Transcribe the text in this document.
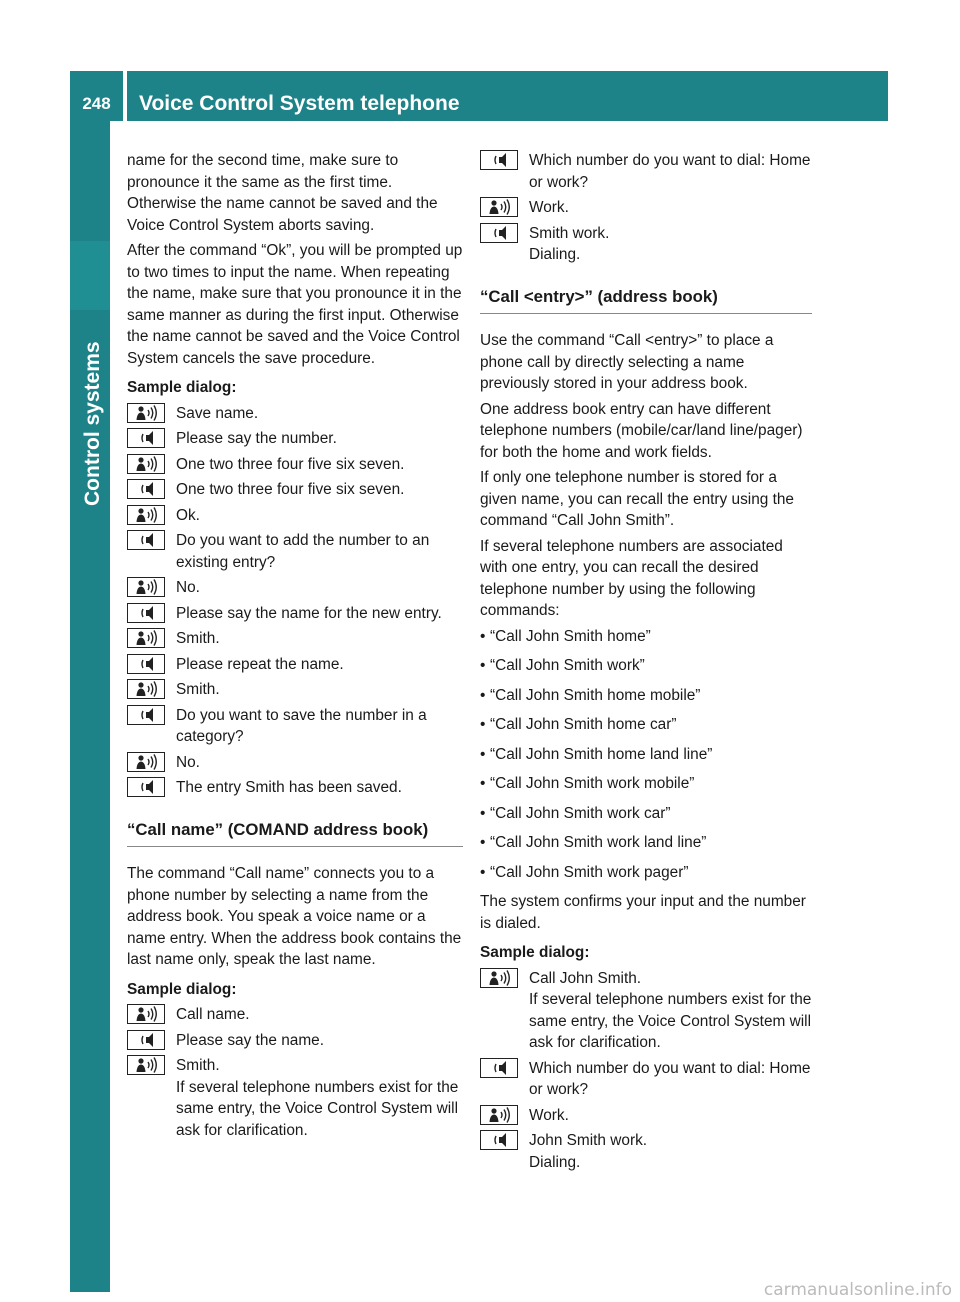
248	Voice Control System telephone
Control systems

name for the second time, make sure to pronounce it the same as the first time. Otherwise the name cannot be saved and the Voice Control System aborts saving.

After the command “Ok”, you will be prompted up to two times to input the name. When repeating the name, make sure that you pronounce it in the same manner as during the first input. Otherwise the name cannot be saved and the Voice Control System cancels the save procedure.

Sample dialog:
Save name.
Please say the number.
One two three four five six seven.
One two three four five six seven.
Ok.
Do you want to add the number to an existing entry?
No.
Please say the name for the new entry.
Smith.
Please repeat the name.
Smith.
Do you want to save the number in a category?
No.
The entry Smith has been saved.
“Call name” (COMAND address book)

The command “Call name” connects you to a phone number by selecting a name from the address book. You speak a voice name or a name entry. When the address book contains the last name only, speak the last name.

Sample dialog:
Call name.
Please say the name.
Smith.
If several telephone numbers exist for the same entry, the Voice Control System will ask for clarification.
Which number do you want to dial: Home or work?
Work.
Smith work.
Dialing.
“Call <entry>” (address book)

Use the command “Call <entry>” to place a phone call by directly selecting a name previously stored in your address book.

One address book entry can have different telephone numbers (mobile/car/land line/pager) for both the home and work fields.

If only one telephone number is stored for a given name, you can recall the entry using the command “Call John Smith”.

If several telephone numbers are associated with one entry, you can recall the desired telephone number by using the following commands:

• “Call John Smith home”
• “Call John Smith work”
• “Call John Smith home mobile”
• “Call John Smith home car”
• “Call John Smith home land line”
• “Call John Smith work mobile”
• “Call John Smith work car”
• “Call John Smith work land line”
• “Call John Smith work pager”

The system confirms your input and the number is dialed.

Sample dialog:
Call John Smith.
If several telephone numbers exist for the same entry, the Voice Control System will ask for clarification.
Which number do you want to dial: Home or work?
Work.
John Smith work.
Dialing.
carmanualsonline.info
